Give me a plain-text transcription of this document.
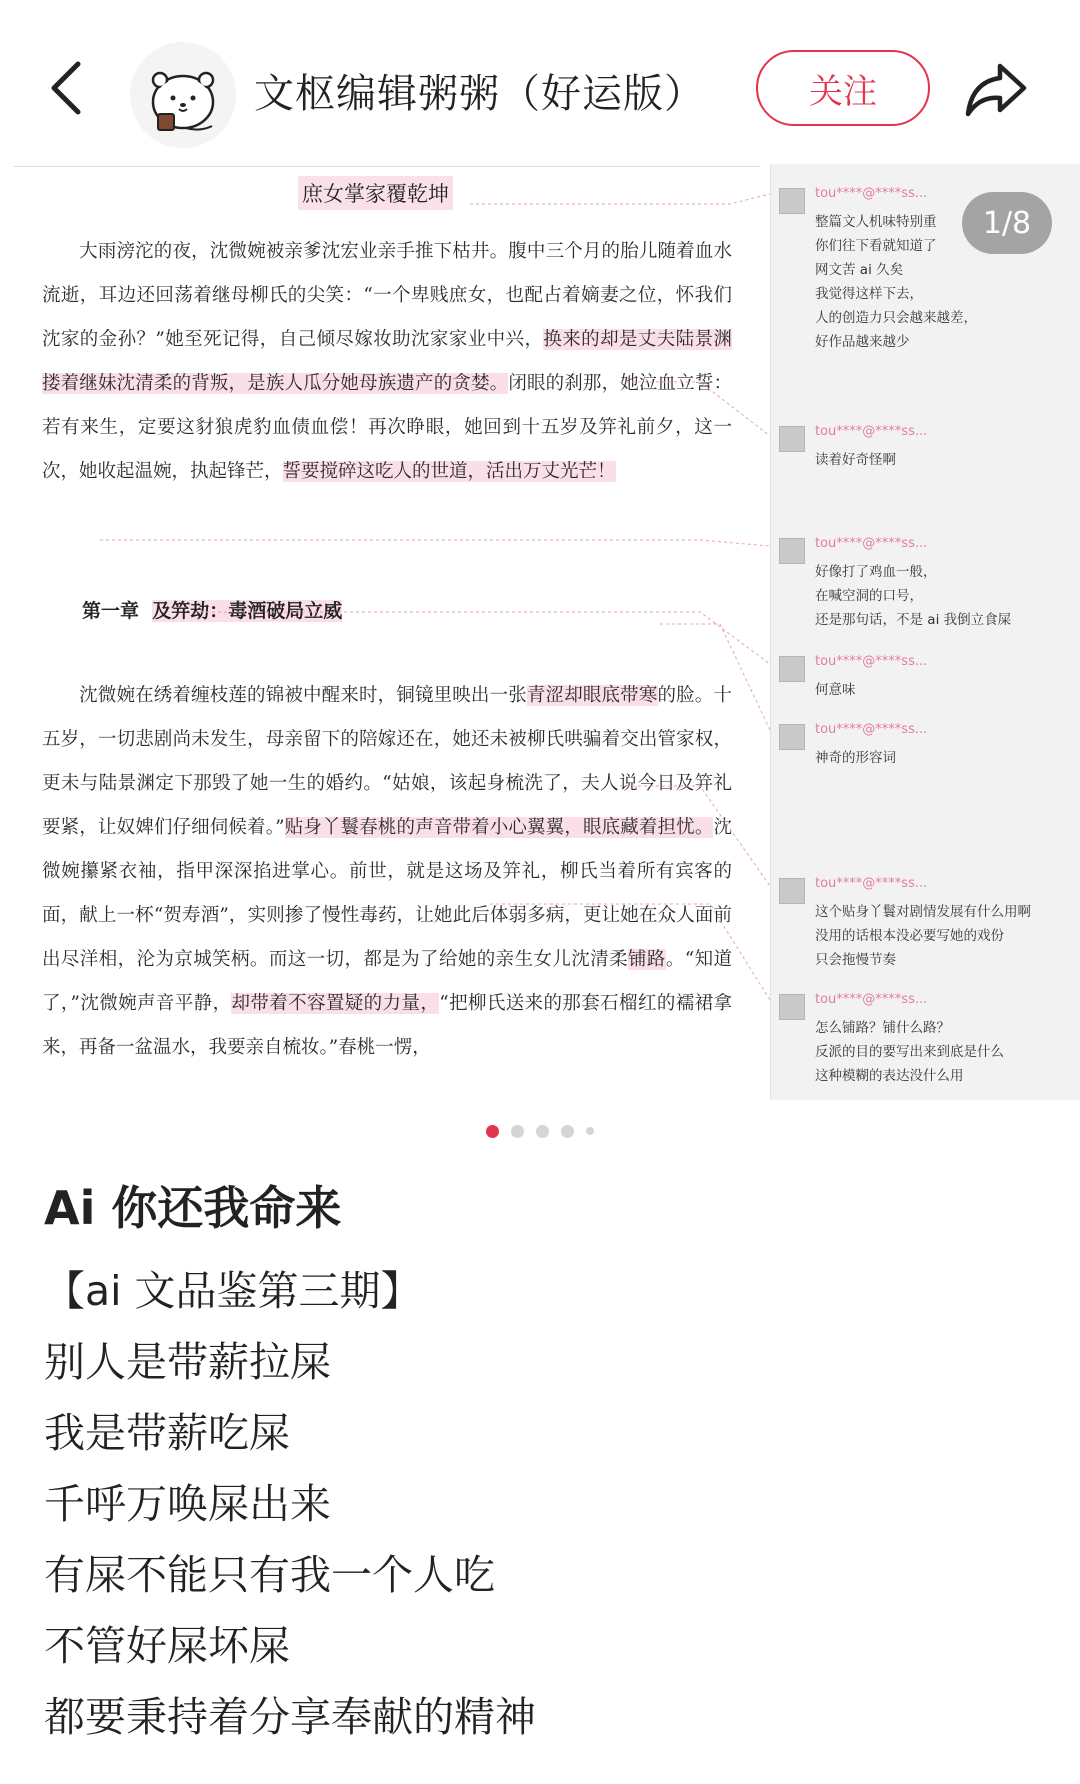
文枢编辑粥粥（好运版）	关注
庶女掌家覆乾坤
大雨滂沱的夜，沈微婉被亲爹沈宏业亲手推下枯井。腹中三个月的胎儿随着血水流逝，耳边还回荡着继母柳氏的尖笑：“一个卑贱庶女，也配占着嫡妻之位，怀我们沈家的金孙？”她至死记得，自己倾尽嫁妆助沈家家业中兴，换来的却是丈夫陆景渊搂着继妹沈清柔的背叛，是族人瓜分她母族遗产的贪婪。闭眼的刹那，她泣血立誓：若有来生，定要这豺狼虎豹血债血偿！再次睁眼，她回到十五岁及笄礼前夕，这一次，她收起温婉，执起锋芒，誓要搅碎这吃人的世道，活出万丈光芒！
第一章 及笄劫：毒酒破局立威
沈微婉在绣着缠枝莲的锦被中醒来时，铜镜里映出一张青涩却眼底带寒的脸。十五岁，一切悲剧尚未发生，母亲留下的陪嫁还在，她还未被柳氏哄骗着交出管家权，更未与陆景渊定下那毁了她一生的婚约。“姑娘，该起身梳洗了，夫人说今日及笄礼要紧，让奴婢们仔细伺候着。”贴身丫鬟春桃的声音带着小心翼翼，眼底藏着担忧。沈微婉攥紧衣袖，指甲深深掐进掌心。前世，就是这场及笄礼，柳氏当着所有宾客的面，献上一杯“贺寿酒”，实则掺了慢性毒药，让她此后体弱多病，更让她在众人面前出尽洋相，沦为京城笑柄。而这一切，都是为了给她的亲生女儿沈清柔铺路。“知道了，”沈微婉声音平静，却带着不容置疑的力量，“把柳氏送来的那套石榴红的襦裙拿来，再备一盆温水，我要亲自梳妆。”春桃一愣，
tou****@****ss...
整篇文人机味特别重
你们往下看就知道了
网文苦 ai 久矣
我觉得这样下去，
人的创造力只会越来越差，
好作品越来越少
tou****@****ss...
读着好奇怪啊
tou****@****ss...
好像打了鸡血一般，
在喊空洞的口号，
还是那句话，不是 ai 我倒立食屎
tou****@****ss...
何意味
tou****@****ss...
神奇的形容词
tou****@****ss...
这个贴身丫鬟对剧情发展有什么用啊
没用的话根本没必要写她的戏份
只会拖慢节奏
tou****@****ss...
怎么铺路？铺什么路？
反派的目的要写出来到底是什么
这种模糊的表达没什么用
1/8
Ai 你还我命来
【ai 文品鉴第三期】
别人是带薪拉屎
我是带薪吃屎
千呼万唤屎出来
有屎不能只有我一个人吃
不管好屎坏屎
都要秉持着分享奉献的精神
